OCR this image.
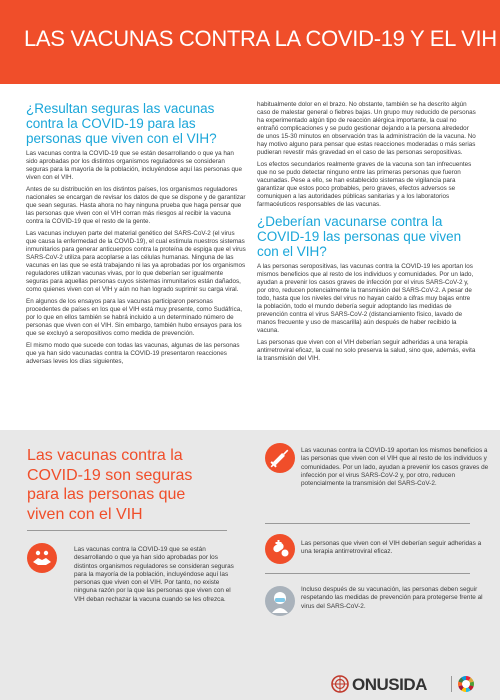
LAS VACUNAS CONTRA LA COVID-19 Y EL VIH
¿Resultan seguras las vacunas contra la COVID-19 para las personas que viven con el VIH?

Las vacunas contra la COVID-19 que se están desarrollando o que ya han sido aprobadas por los distintos organismos reguladores se consideran seguras para la mayoría de la población, incluyéndose aquí las personas que viven con el VIH.

Antes de su distribución en los distintos países, los organismos reguladores nacionales se encargan de revisar los datos de que se dispone y de garantizar que sean seguras. Hasta ahora no hay ninguna prueba que haga pensar que las personas que viven con el VIH corran más riesgos al recibir la vacuna contra la COVID-19 que el resto de la gente.

Las vacunas incluyen parte del material genético del SARS-CoV-2 (el virus que causa la enfermedad de la COVID-19), el cual estimula nuestros sistemas inmunitarios para generar anticuerpos contra la proteína de espiga que el virus SARS-CoV-2 utiliza para acoplarse a las células humanas. Ninguna de las vacunas en las que se está trabajando ni las ya aprobadas por los organismos reguladores utilizan vacunas vivas, por lo que deberían ser igualmente seguras para aquellas personas cuyos sistemas inmunitarios están dañados, como quienes viven con el VIH y aún no han logrado suprimir su carga viral.

En algunos de los ensayos para las vacunas participaron personas procedentes de países en los que el VIH está muy presente, como Sudáfrica, por lo que en ellos también se habrá incluido a un determinado número de personas que viven con el VIH. Sin embargo, también hubo ensayos para los que se excluyó a seropositivos como medida de prevención.

El mismo modo que sucede con todas las vacunas, algunas de las personas que ya han sido vacunadas contra la COVID-19 presentaron reacciones adversas leves los días siguientes,

habitualmente dolor en el brazo. No obstante, también se ha descrito algún caso de malestar general o fiebres bajas. Un grupo muy reducido de personas ha experimentado algún tipo de reacción alérgica importante, la cual no entrañó complicaciones y se pudo gestionar dejando a la persona alrededor de unos 15-30 minutos en observación tras la administración de la vacuna. No hay motivo alguno para pensar que estas reacciones moderadas o más serias pudieran revestir más gravedad en el caso de las personas seropositivas.

Los efectos secundarios realmente graves de la vacuna son tan infrecuentes que no se pudo detectar ninguno entre las primeras personas que fueron vacunadas. Pese a ello, se han establecido sistemas de vigilancia para garantizar que estos poco probables, pero graves, efectos adversos se comuniquen a las autoridades públicas sanitarias y a los laboratorios farmacéuticos responsables de las vacunas.

¿Deberían vacunarse contra la COVID-19 las personas que viven con el VIH?

A las personas seropositivas, las vacunas contra la COVID-19 les aportan los mismos beneficios que al resto de los individuos y comunidades. Por un lado, ayudan a prevenir los casos graves de infección por el virus SARS-CoV-2 y, por otro, reducen potencialmente la transmisión del SARS-CoV-2. A pesar de todo, hasta que los niveles del virus no hayan caído a cifras muy bajas entre la población, todo el mundo debería seguir adoptando las medidas de prevención contra el virus SARS-CoV-2 (distanciamiento físico, lavado de manos frecuente y uso de mascarilla) aún después de haber recibido la vacuna.

Las personas que viven con el VIH deberían seguir adheridas a una terapia antirretroviral eficaz, la cual no solo preserva la salud, sino que, además, evita la transmisión del VIH.

Las vacunas contra la COVID-19 son seguras para las personas que viven con el VIH

Las vacunas contra la COVID-19 que se están desarrollando o que ya han sido aprobadas por los distintos organismos reguladores se consideran seguras para la mayoría de la población, incluyéndose aquí las personas que viven con el VIH. Por tanto, no existe ninguna razón por la que las personas que viven con el VIH deban rechazar la vacuna cuando se les ofrezca.

Las vacunas contra la COVID-19 aportan los mismos beneficios a las personas que viven con el VIH que al resto de los individuos y comunidades. Por un lado, ayudan a prevenir los casos graves de infección por el virus SARS-CoV-2 y, por otro, reducen potencialmente la transmisión del SARS-CoV-2.

Las personas que viven con el VIH deberían seguir adheridas a una terapia antirretroviral eficaz.

Incluso después de su vacunación, las personas deben seguir respetando las medidas de prevención para protegerse frente al virus del SARS-CoV-2.

ONUSIDA
